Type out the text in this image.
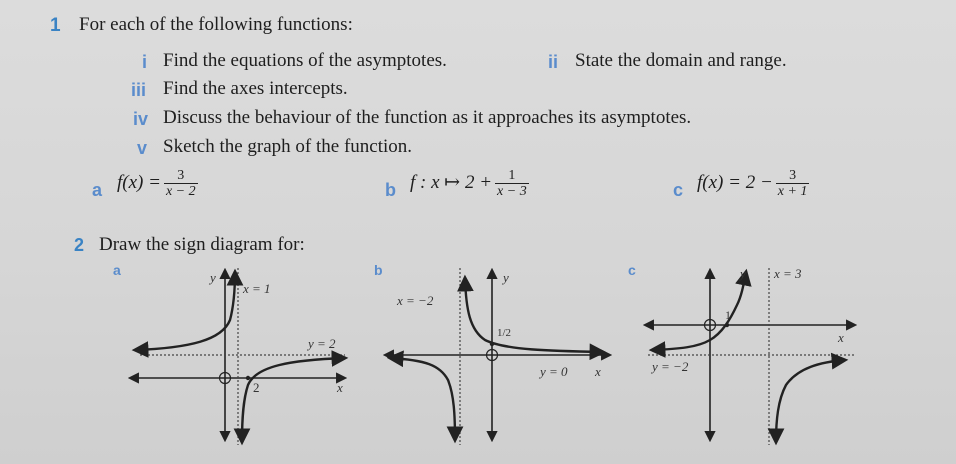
1 For each of the following functions:
i Find the equations of the asymptotes.	ii State the domain and range.
iii Find the axes intercepts.
iv Discuss the behaviour of the function as it approaches its asymptotes.
v Sketch the graph of the function.
a $f(x) = \frac{3}{x - 2}$	b f : x ↦ $2 + \frac{1}{x - 3}$	c $f(x) = 2 - \frac{3}{x + 1}$
2 Draw the sign diagram for:
a	b	c
y
x
x = 1
y = 2
2
y
x
x = −2
y = 0
1/2
y
x
x = 3
y = −2
1
